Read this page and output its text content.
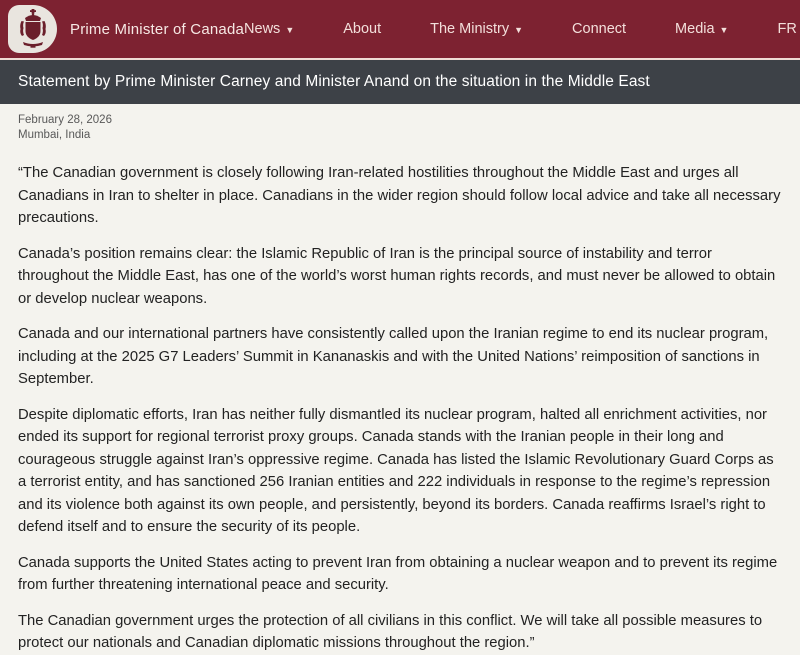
Prime Minister of Canada News ▼	About	The Ministry ▼	Connect	Media ▼	FR
Statement by Prime Minister Carney and Minister Anand on the situation in the Middle East
February 28, 2026
Mumbai, India

“The Canadian government is closely following Iran-related hostilities throughout the Middle East and urges all Canadians in Iran to shelter in place. Canadians in the wider region should follow local advice and take all necessary precautions.

Canada’s position remains clear: the Islamic Republic of Iran is the principal source of instability and terror throughout the Middle East, has one of the world’s worst human rights records, and must never be allowed to obtain or develop nuclear weapons.

Canada and our international partners have consistently called upon the Iranian regime to end its nuclear program, including at the 2025 G7 Leaders’ Summit in Kananaskis and with the United Nations’ reimposition of sanctions in September.

Despite diplomatic efforts, Iran has neither fully dismantled its nuclear program, halted all enrichment activities, nor ended its support for regional terrorist proxy groups. Canada stands with the Iranian people in their long and courageous struggle against Iran’s oppressive regime. Canada has listed the Islamic Revolutionary Guard Corps as a terrorist entity, and has sanctioned 256 Iranian entities and 222 individuals in response to the regime’s repression and its violence both against its own people, and persistently, beyond its borders. Canada reaffirms Israel’s right to defend itself and to ensure the security of its people.

Canada supports the United States acting to prevent Iran from obtaining a nuclear weapon and to prevent its regime from further threatening international peace and security.

The Canadian government urges the protection of all civilians in this conflict. We will take all possible measures to protect our nationals and Canadian diplomatic missions throughout the region.”
